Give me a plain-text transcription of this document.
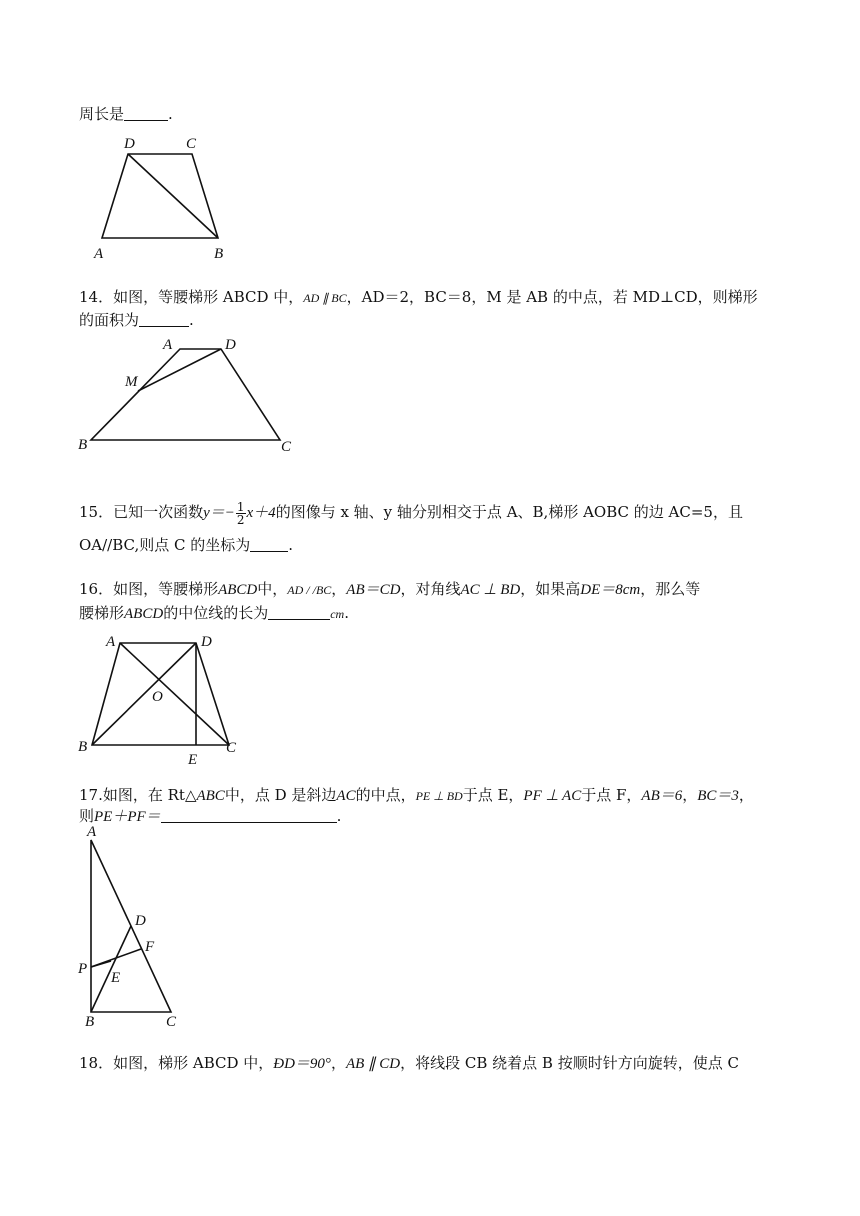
周长是	.
D	C
A	B
14．如图，等腰梯形 ABCD 中，AD ∥ BC，AD＝2，BC＝8，M 是 AB 的中点，若 MD⊥CD，则梯形
的面积为	.
A	D
M
B	C
15．已知一次函数$y=- \frac{1}{2} x+4$的图像与 x 轴、y 轴分别相交于点 A、B,梯形 AOBC 的边 AC=5，且
OA//BC,则点 C 的坐标为	.
16．如图，等腰梯形ABCD中，AD / /BC，AB＝CD，对角线AC ⊥ BD，如果高DE＝8cm，那么等
腰梯形ABCD的中位线的长为	cm.
A	D
O
B
E
C
17.如图，在 Rt△ABC中，点 D 是斜边AC的中点，PE ⊥ BD于点 E，PF ⊥ AC于点 F，AB＝6，BC＝3，
则PE＋PF＝	.
A
D
F
P
E
B	C
18．如图，梯形 ABCD 中，ÐD＝90°，AB ∥ CD，将线段 CB 绕着点 B 按顺时针方向旋转，使点 C
